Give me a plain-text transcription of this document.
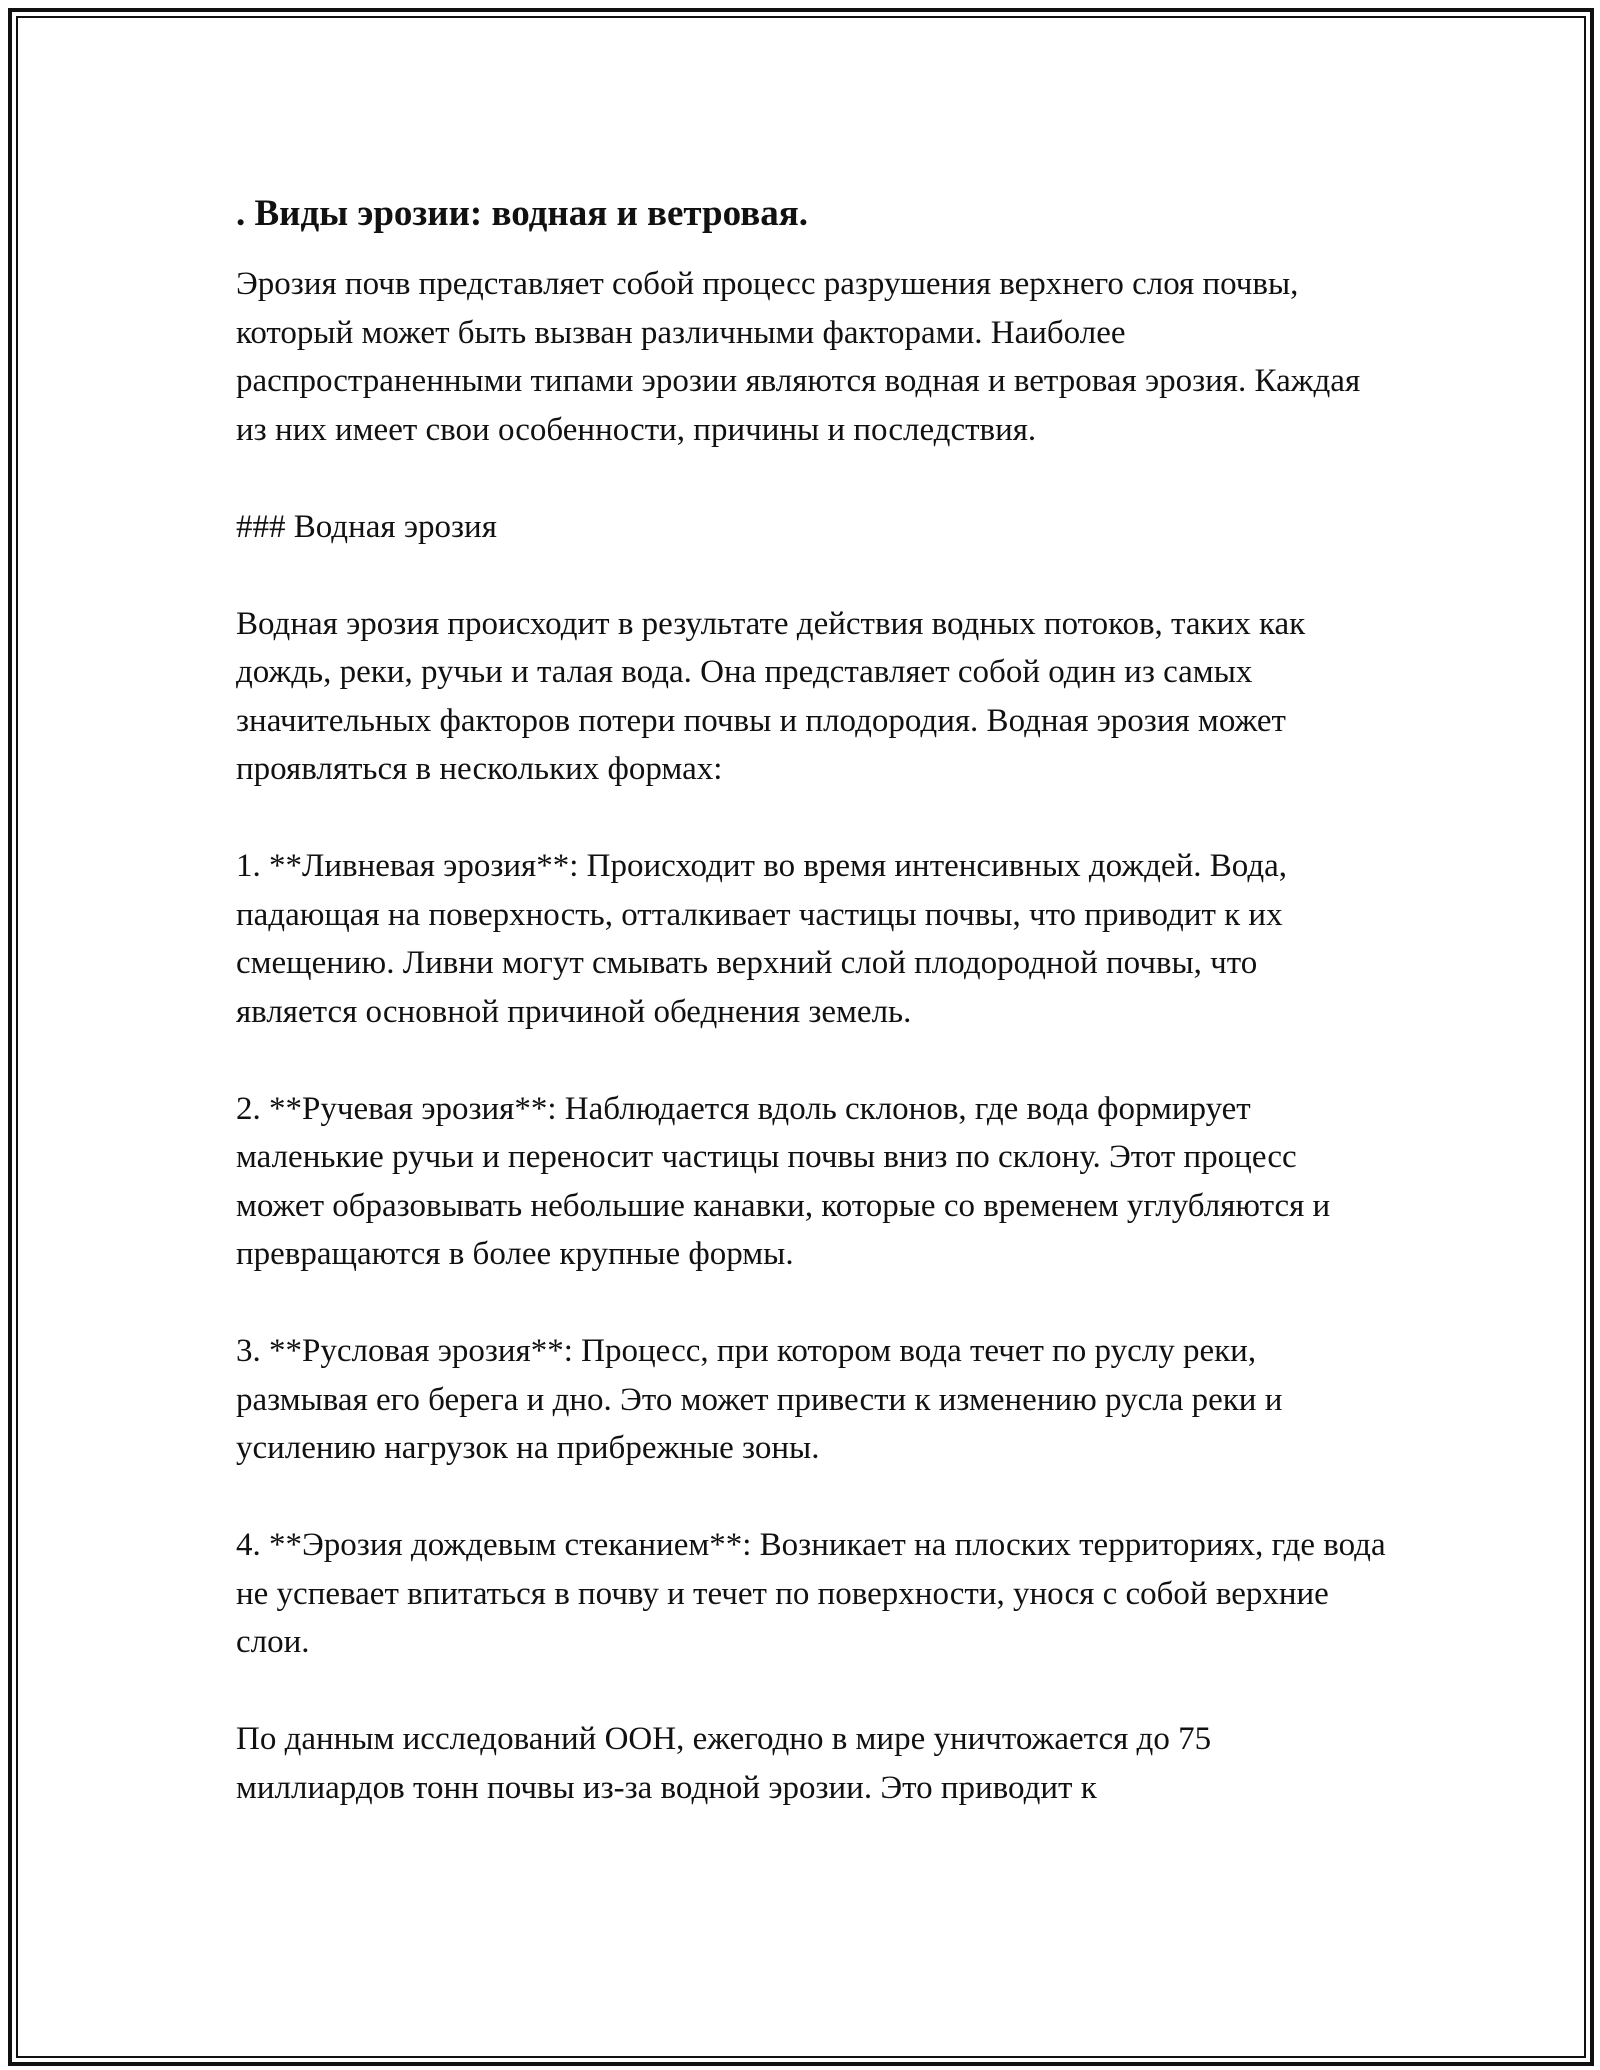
. Виды эрозии: водная и ветровая.
Эрозия почв представляет собой процесс разрушения верхнего слоя почвы, который может быть вызван различными факторами. Наиболее распространенными типами эрозии являются водная и ветровая эрозия. Каждая из них имеет свои особенности, причины и последствия.
### Водная эрозия
Водная эрозия происходит в результате действия водных потоков, таких как дождь, реки, ручьи и талая вода. Она представляет собой один из самых значительных факторов потери почвы и плодородия. Водная эрозия может проявляться в нескольких формах:
1. **Ливневая эрозия**: Происходит во время интенсивных дождей. Вода, падающая на поверхность, отталкивает частицы почвы, что приводит к их смещению. Ливни могут смывать верхний слой плодородной почвы, что является основной причиной обеднения земель.
2. **Ручевая эрозия**: Наблюдается вдоль склонов, где вода формирует маленькие ручьи и переносит частицы почвы вниз по склону. Этот процесс может образовывать небольшие канавки, которые со временем углубляются и превращаются в более крупные формы.
3. **Русловая эрозия**: Процесс, при котором вода течет по руслу реки, размывая его берега и дно. Это может привести к изменению русла реки и усилению нагрузок на прибрежные зоны.
4. **Эрозия дождевым стеканием**: Возникает на плоских территориях, где вода не успевает впитаться в почву и течет по поверхности, унося с собой верхние слои.
По данным исследований ООН, ежегодно в мире уничтожается до 75 миллиардов тонн почвы из-за водной эрозии. Это приводит к
